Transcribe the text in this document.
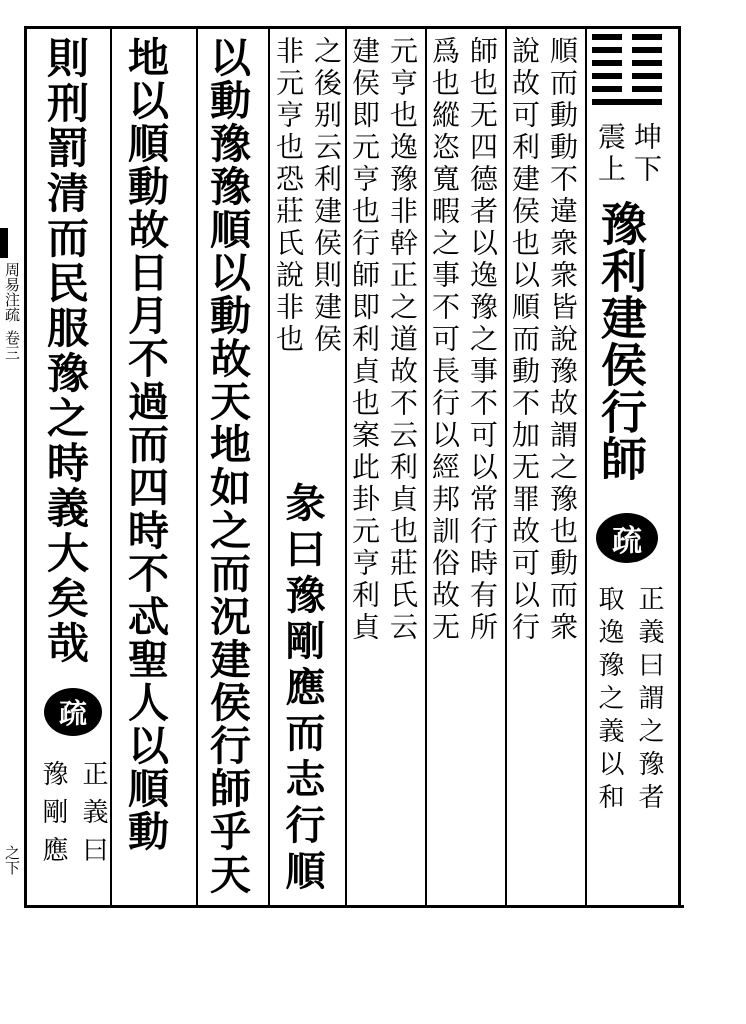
周易注疏
卷三
之下
坤下
震上
豫利建侯行師
疏
正義曰謂之豫者
取逸豫之義以和
順而動動不違衆衆皆說豫故謂之豫也動而衆
說故可利建侯也以順而動不加无罪故可以行
師也无四德者以逸豫之事不可以常行時有所
爲也縱恣寬暇之事不可長行以經邦訓俗故无
元亨也逸豫非幹正之道故不云利貞也莊氏云
建侯即元亨也行師即利貞也案此卦元亨利貞
之後别云利建侯則建侯
非元亨也恐莊氏說非也
彖曰豫剛應而志行順
以動豫豫順以動故天地如之而況建侯行師乎天
地以順動故日月不過而四時不忒聖人以順動
則刑罰清而民服豫之時義大矣哉
疏
正義曰
豫剛應
